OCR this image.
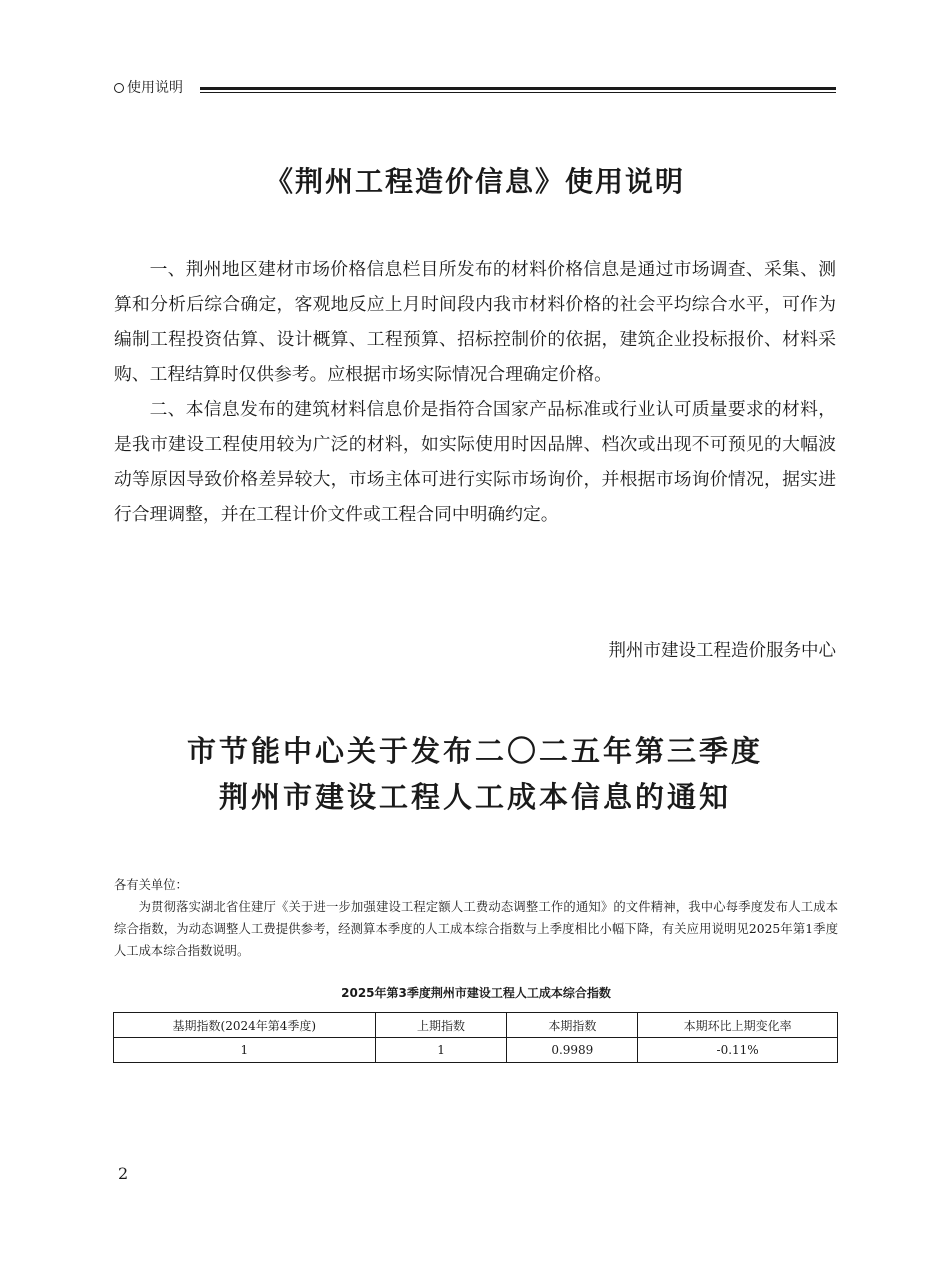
使用说明
《荆州工程造价信息》使用说明

一、荆州地区建材市场价格信息栏目所发布的材料价格信息是通过市场调查、采集、测算和分析后综合确定，客观地反应上月时间段内我市材料价格的社会平均综合水平，可作为编制工程投资估算、设计概算、工程预算、招标控制价的依据，建筑企业投标报价、材料采购、工程结算时仅供参考。应根据市场实际情况合理确定价格。

二、本信息发布的建筑材料信息价是指符合国家产品标准或行业认可质量要求的材料，是我市建设工程使用较为广泛的材料，如实际使用时因品牌、档次或出现不可预见的大幅波动等原因导致价格差异较大，市场主体可进行实际市场询价，并根据市场询价情况，据实进行合理调整，并在工程计价文件或工程合同中明确约定。

荆州市建设工程造价服务中心
市节能中心关于发布二〇二五年第三季度
荆州市建设工程人工成本信息的通知

各有关单位：

为贯彻落实湖北省住建厅《关于进一步加强建设工程定额人工费动态调整工作的通知》的文件精神，我中心每季度发布人工成本综合指数，为动态调整人工费提供参考，经测算本季度的人工成本综合指数与上季度相比小幅下降，有关应用说明见2025年第1季度人工成本综合指数说明。

2025年第3季度荆州市建设工程人工成本综合指数
基期指数(2024年第4季度)	上期指数	本期指数	本期环比上期变化率
1	1	0.9989	-0.11%
2
